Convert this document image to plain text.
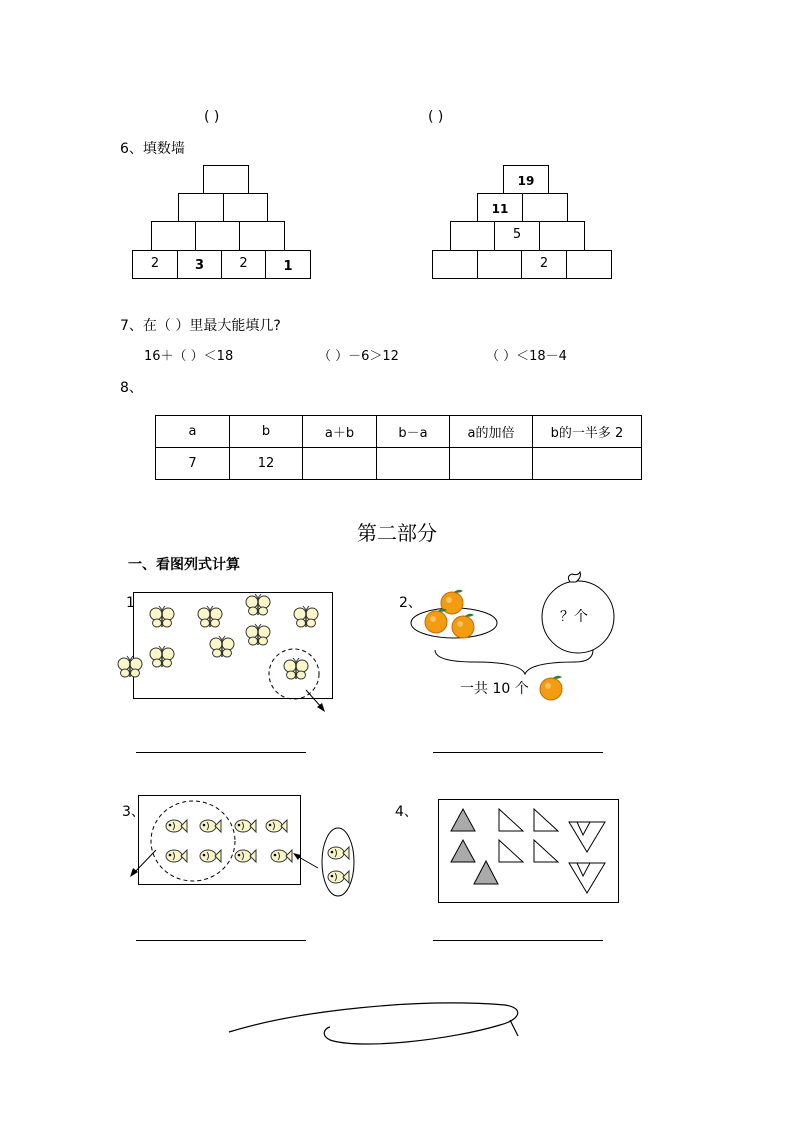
( )	( )
6、填数墙
2	3	2	1
19
11
5
2
7、在（ ）里最大能填几?
16＋（ ）＜18	（ ）－6＞12	（ ）＜18－4
8、
a	b	a＋b	b－a	a的加倍	b的一半多 2
7	12				
第二部分
一、看图列式计算
1	2、
？个
一共 10 个
3、	4、
